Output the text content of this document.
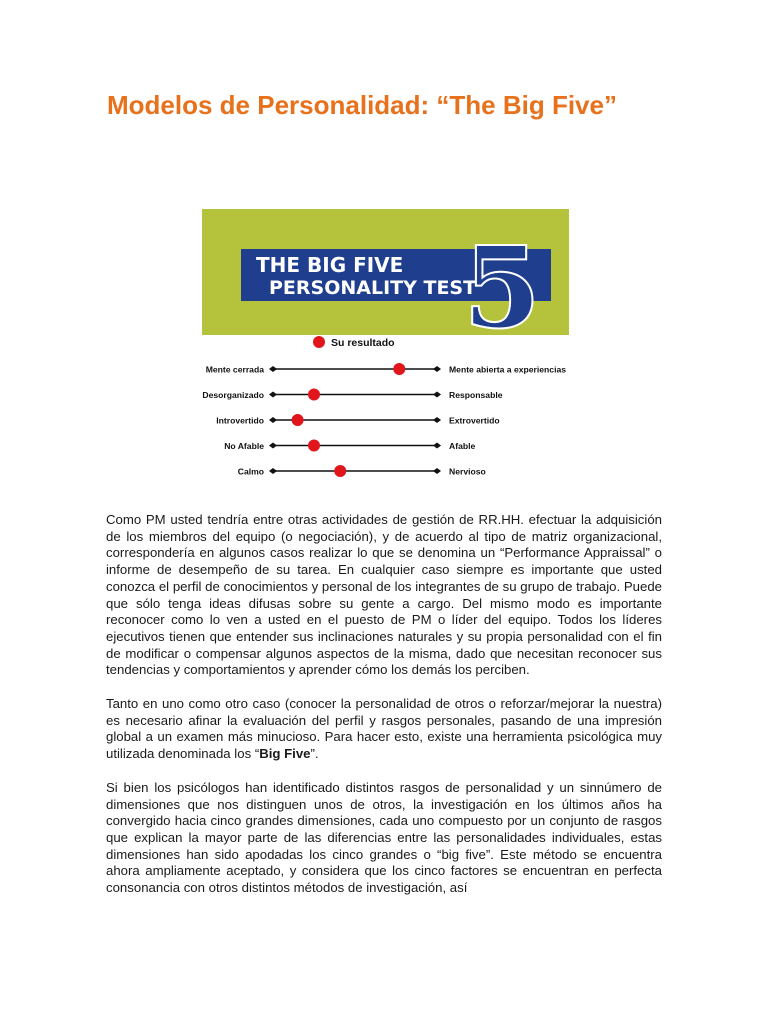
Modelos de Personalidad: “The Big Five”
5
THE BIG FIVE
PERSONALITY TEST
Su resultado
Mente cerrada	Mente abierta a experiencias
Desorganizado	Responsable
Introvertido	Extrovertido
No Afable	Afable
Calmo	Nervioso

Como PM usted tendría entre otras actividades de gestión de RR.HH. efectuar la adquisición de los miembros del equipo (o negociación), y de acuerdo al tipo de matriz organizacional, correspondería en algunos casos realizar lo que se denomina un “Performance Appraissal” o informe de desempeño de su tarea. En cualquier caso siempre es importante que usted conozca el perfil de conocimientos y personal de los integrantes de su grupo de trabajo. Puede que sólo tenga ideas difusas sobre su gente a cargo. Del mismo modo es importante reconocer como lo ven a usted en el puesto de PM o líder del equipo. Todos los líderes ejecutivos tienen que entender sus inclinaciones naturales y su propia personalidad con el fin de modificar o compensar algunos aspectos de la misma, dado que necesitan reconocer sus tendencias y comportamientos y aprender cómo los demás los perciben.

Tanto en uno como otro caso (conocer la personalidad de otros o reforzar/mejorar la nuestra) es necesario afinar la evaluación del perfil y rasgos personales, pasando de una impresión global a un examen más minucioso. Para hacer esto, existe una herramienta psicológica muy utilizada denominada los “Big Five”.

Si bien los psicólogos han identificado distintos rasgos de personalidad y un sinnúmero de dimensiones que nos distinguen unos de otros, la investigación en los últimos años ha convergido hacia cinco grandes dimensiones, cada uno compuesto por un conjunto de rasgos que explican la mayor parte de las diferencias entre las personalidades individuales, estas dimensiones han sido apodadas los cinco grandes o “big five”. Este método se encuentra ahora ampliamente aceptado, y considera que los cinco factores se encuentran en perfecta consonancia con otros distintos métodos de investigación, así
